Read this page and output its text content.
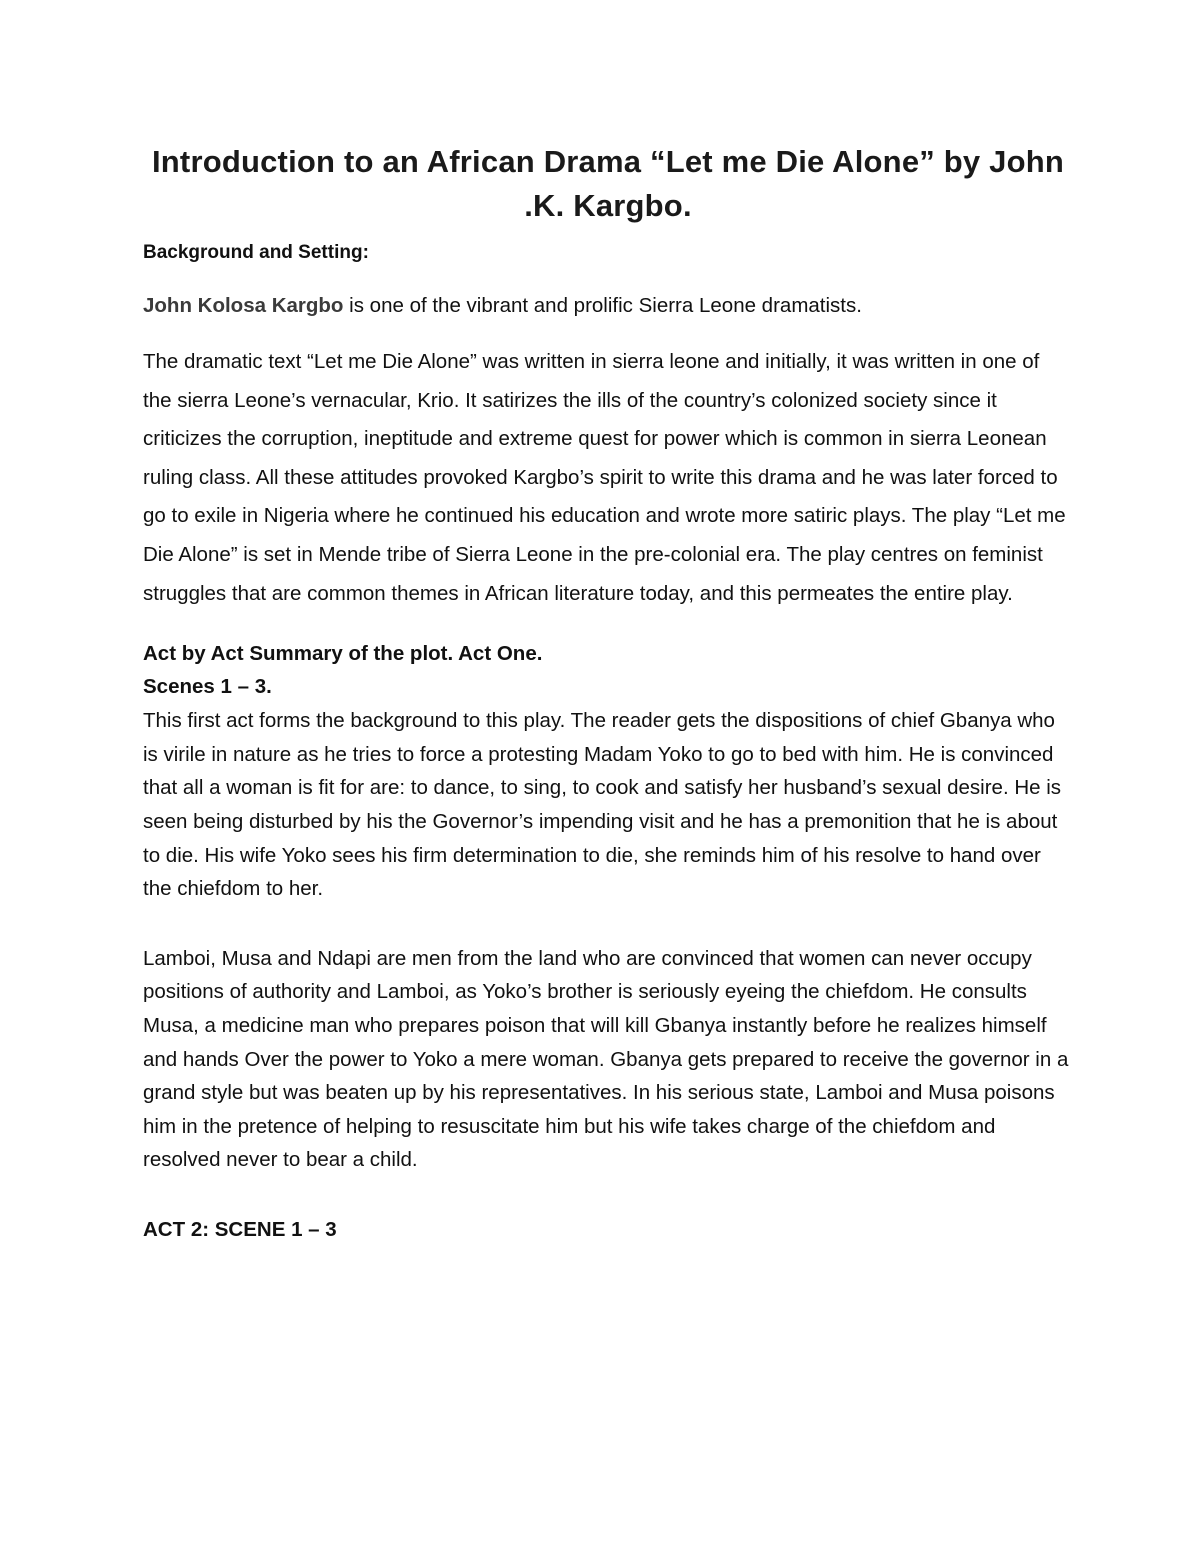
Introduction to an African Drama “Let me Die Alone” by John .K. Kargbo.

Background and Setting:

John Kolosa Kargbo is one of the vibrant and prolific Sierra Leone dramatists.

The dramatic text “Let me Die Alone” was written in sierra leone and initially, it was written in one of the sierra Leone’s vernacular, Krio. It satirizes the ills of the country’s colonized society since it criticizes the corruption, ineptitude and extreme quest for power which is common in sierra Leonean ruling class. All these attitudes provoked Kargbo’s spirit to write this drama and he was later forced to go to exile in Nigeria where he continued his education and wrote more satiric plays. The play “Let me Die Alone” is set in Mende tribe of Sierra Leone in the pre-colonial era. The play centres on feminist struggles that are common themes in African literature today, and this permeates the entire play.

Act by Act Summary of the plot. Act One.

Scenes 1 – 3.

This first act forms the background to this play. The reader gets the dispositions of chief Gbanya who is virile in nature as he tries to force a protesting Madam Yoko to go to bed with him. He is convinced that all a woman is fit for are: to dance, to sing, to cook and satisfy her husband’s sexual desire. He is seen being disturbed by his the Governor’s impending visit and he has a premonition that he is about to die. His wife Yoko sees his firm determination to die, she reminds him of his resolve to hand over the chiefdom to her.

Lamboi, Musa and Ndapi are men from the land who are convinced that women can never occupy positions of authority and Lamboi, as Yoko’s brother is seriously eyeing the chiefdom. He consults Musa, a medicine man who prepares poison that will kill Gbanya instantly before he realizes himself and hands Over the power to Yoko a mere woman. Gbanya gets prepared to receive the governor in a grand style but was beaten up by his representatives. In his serious state, Lamboi and Musa poisons him in the pretence of helping to resuscitate him but his wife takes charge of the chiefdom and resolved never to bear a child.

ACT 2: SCENE 1 – 3
